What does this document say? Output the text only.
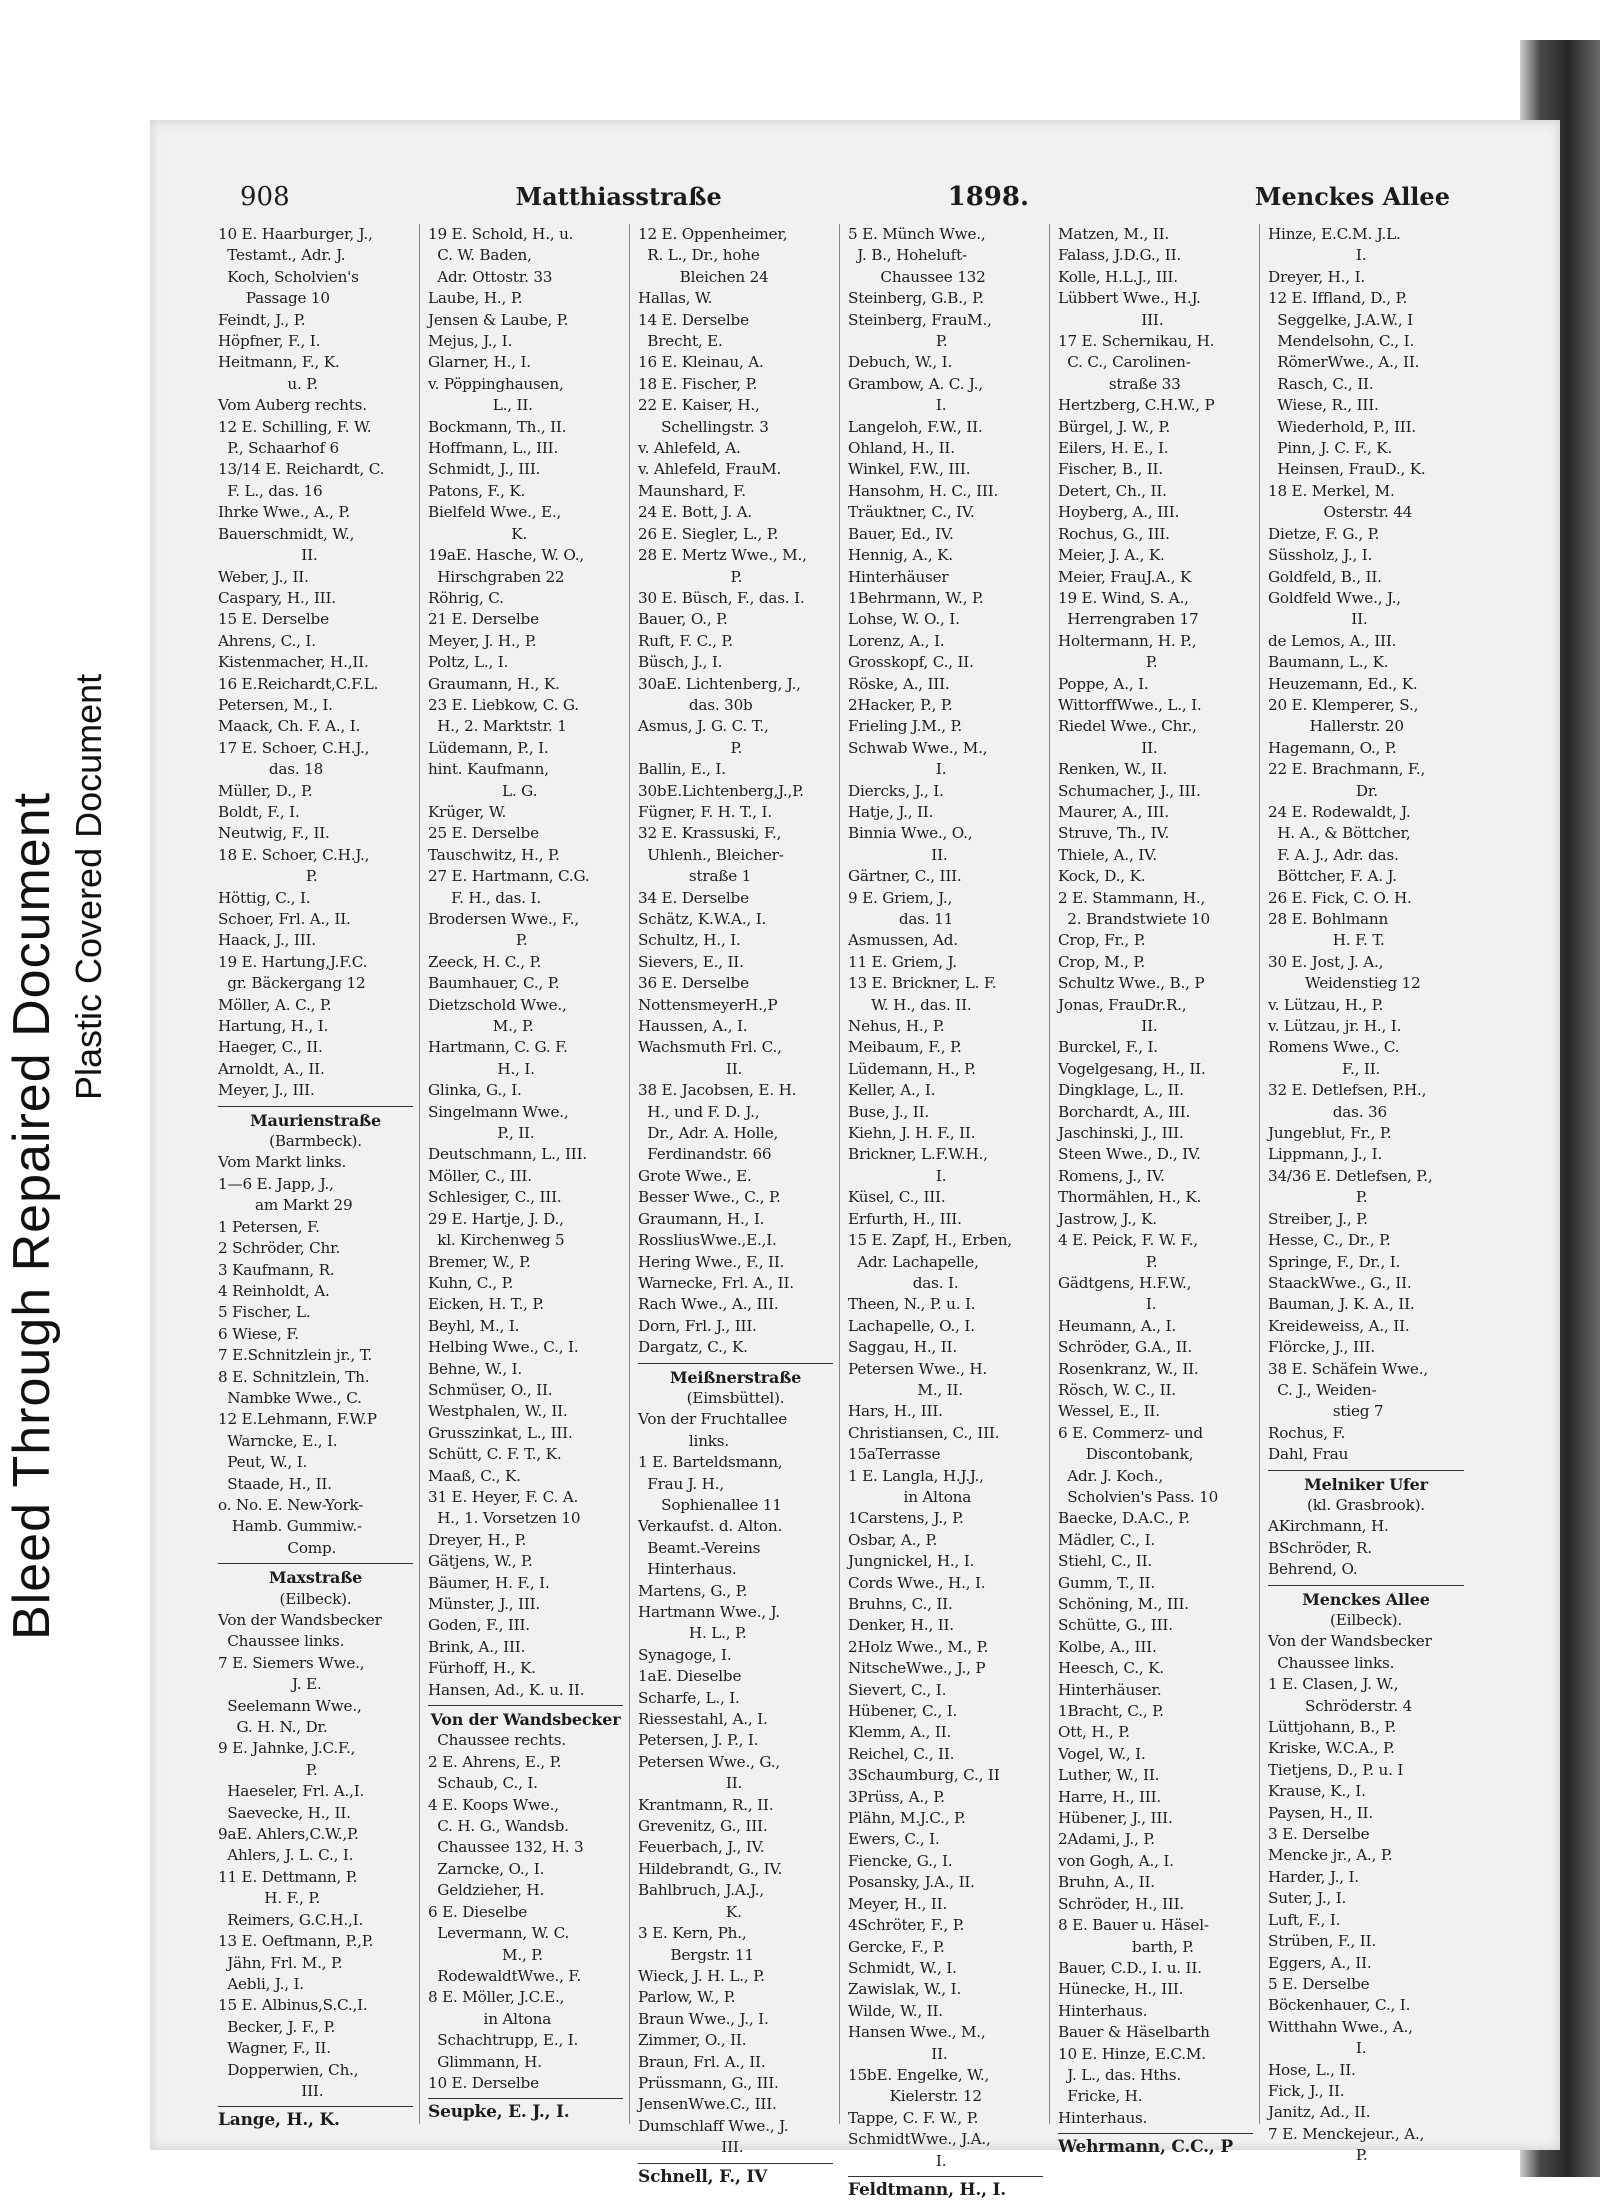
Bleed Through Repaired Document Plastic Covered Document
908	Matthiasstraße	1898.	Menckes Allee
10 E. Haarburger, J.,
Testamt., Adr. J.
Koch, Scholvien's
Passage 10
Feindt, J., P.
Höpfner, F., I.
Heitmann, F., K.
u. P.
Vom Auberg rechts.
12 E. Schilling, F. W.
P., Schaarhof 6
13/14 E. Reichardt, C.
F. L., das. 16
Ihrke Wwe., A., P.
Bauerschmidt, W.,
II.
Weber, J., II.
Caspary, H., III.
15 E. Derselbe
Ahrens, C., I.
Kistenmacher, H.,II.
16 E.Reichardt,C.F.L.
Petersen, M., I.
Maack, Ch. F. A., I.
17 E. Schoer, C.H.J.,
das. 18
Müller, D., P.
Boldt, F., I.
Neutwig, F., II.
18 E. Schoer, C.H.J.,
P.
Höttig, C., I.
Schoer, Frl. A., II.
Haack, J., III.
19 E. Hartung,J.F.C.
gr. Bäckergang 12
Möller, A. C., P.
Hartung, H., I.
Haeger, C., II.
Arnoldt, A., II.
Meyer, J., III.
Maurienstraße
(Barmbeck).
Vom Markt links.
1—6 E. Japp, J.,
am Markt 29
1 Petersen, F.
2 Schröder, Chr.
3 Kaufmann, R.
4 Reinholdt, A.
5 Fischer, L.
6 Wiese, F.
7 E.Schnitzlein jr., T.
8 E. Schnitzlein, Th.
Nambke Wwe., C.
12 E.Lehmann, F.W.P
Warncke, E., I.
Peut, W., I.
Staade, H., II.
o. No. E. New-York-
Hamb. Gummiw.-
Comp.
Maxstraße
(Eilbeck).
Von der Wandsbecker
Chaussee links.
7 E. Siemers Wwe.,
J. E.
Seelemann Wwe.,
G. H. N., Dr.
9 E. Jahnke, J.C.F.,
P.
Haeseler, Frl. A.,I.
Saevecke, H., II.
9aE. Ahlers,C.W.,P.
Ahlers, J. L. C., I.
11 E. Dettmann, P.
H. F., P.
Reimers, G.C.H.,I.
13 E. Oeftmann, P.,P.
Jähn, Frl. M., P.
Aebli, J., I.
15 E. Albinus,S.C.,I.
Becker, J. F., P.
Wagner, F., II.
Dopperwien, Ch.,
III.
Lange, H., K.
19 E. Schold, H., u.
C. W. Baden,
Adr. Ottostr. 33
Laube, H., P.
Jensen & Laube, P.
Mejus, J., I.
Glarner, H., I.
v. Pöppinghausen,
L., II.
Bockmann, Th., II.
Hoffmann, L., III.
Schmidt, J., III.
Patons, F., K.
Bielfeld Wwe., E.,
K.
19aE. Hasche, W. O.,
Hirschgraben 22
Röhrig, C.
21 E. Derselbe
Meyer, J. H., P.
Poltz, L., I.
Graumann, H., K.
23 E. Liebkow, C. G.
H., 2. Marktstr. 1
Lüdemann, P., I.
hint. Kaufmann,
L. G.
Krüger, W.
25 E. Derselbe
Tauschwitz, H., P.
27 E. Hartmann, C.G.
F. H., das. I.
Brodersen Wwe., F.,
P.
Zeeck, H. C., P.
Baumhauer, C., P.
Dietzschold Wwe.,
M., P.
Hartmann, C. G. F.
H., I.
Glinka, G., I.
Singelmann Wwe.,
P., II.
Deutschmann, L., III.
Möller, C., III.
Schlesiger, C., III.
29 E. Hartje, J. D.,
kl. Kirchenweg 5
Bremer, W., P.
Kuhn, C., P.
Eicken, H. T., P.
Beyhl, M., I.
Helbing Wwe., C., I.
Behne, W., I.
Schmüser, O., II.
Westphalen, W., II.
Grusszinkat, L., III.
Schütt, C. F. T., K.
Maaß, C., K.
31 E. Heyer, F. C. A.
H., 1. Vorsetzen 10
Dreyer, H., P.
Gätjens, W., P.
Bäumer, H. F., I.
Münster, J., III.
Goden, F., III.
Brink, A., III.
Fürhoff, H., K.
Hansen, Ad., K. u. II.
Von der Wandsbecker
Chaussee rechts.
2 E. Ahrens, E., P.
Schaub, C., I.
4 E. Koops Wwe.,
C. H. G., Wandsb.
Chaussee 132, H. 3
Zarncke, O., I.
Geldzieher, H.
6 E. Dieselbe
Levermann, W. C.
M., P.
RodewaldtWwe., F.
8 E. Möller, J.C.E.,
in Altona
Schachtrupp, E., I.
Glimmann, H.
10 E. Derselbe
Seupke, E. J., I.
12 E. Oppenheimer,
R. L., Dr., hohe
Bleichen 24
Hallas, W.
14 E. Derselbe
Brecht, E.
16 E. Kleinau, A.
18 E. Fischer, P.
22 E. Kaiser, H.,
Schellingstr. 3
v. Ahlefeld, A.
v. Ahlefeld, FrauM.
Maunshard, F.
24 E. Bott, J. A.
26 E. Siegler, L., P.
28 E. Mertz Wwe., M.,
P.
30 E. Büsch, F., das. I.
Bauer, O., P.
Ruft, F. C., P.
Büsch, J., I.
30aE. Lichtenberg, J.,
das. 30b
Asmus, J. G. C. T.,
P.
Ballin, E., I.
30bE.Lichtenberg,J.,P.
Fügner, F. H. T., I.
32 E. Krassuski, F.,
Uhlenh., Bleicher-
straße 1
34 E. Derselbe
Schätz, K.W.A., I.
Schultz, H., I.
Sievers, E., II.
36 E. Derselbe
NottensmeyerH.,P
Haussen, A., I.
Wachsmuth Frl. C.,
II.
38 E. Jacobsen, E. H.
H., und F. D. J.,
Dr., Adr. A. Holle,
Ferdinandstr. 66
Grote Wwe., E.
Besser Wwe., C., P.
Graumann, H., I.
RossliusWwe.,E.,I.
Hering Wwe., F., II.
Warnecke, Frl. A., II.
Rach Wwe., A., III.
Dorn, Frl. J., III.
Dargatz, C., K.
Meißnerstraße
(Eimsbüttel).
Von der Fruchtallee
links.
1 E. Barteldsmann,
Frau J. H.,
Sophienallee 11
Verkaufst. d. Alton.
Beamt.-Vereins
Hinterhaus.
Martens, G., P.
Hartmann Wwe., J.
H. L., P.
Synagoge, I.
1aE. Dieselbe
Scharfe, L., I.
Riessestahl, A., I.
Petersen, J. P., I.
Petersen Wwe., G.,
II.
Krantmann, R., II.
Grevenitz, G., III.
Feuerbach, J., IV.
Hildebrandt, G., IV.
Bahlbruch, J.A.J.,
K.
3 E. Kern, Ph.,
Bergstr. 11
Wieck, J. H. L., P.
Parlow, W., P.
Braun Wwe., J., I.
Zimmer, O., II.
Braun, Frl. A., II.
Prüssmann, G., III.
JensenWwe.C., III.
Dumschlaff Wwe., J.
III.
Schnell, F., IV
5 E. Münch Wwe.,
J. B., Hoheluft-
Chaussee 132
Steinberg, G.B., P.
Steinberg, FrauM.,
P.
Debuch, W., I.
Grambow, A. C. J.,
I.
Langeloh, F.W., II.
Ohland, H., II.
Winkel, F.W., III.
Hansohm, H. C., III.
Träuktner, C., IV.
Bauer, Ed., IV.
Hennig, A., K.
Hinterhäuser
1Behrmann, W., P.
Lohse, W. O., I.
Lorenz, A., I.
Grosskopf, C., II.
Röske, A., III.
2Hacker, P., P.
Frieling J.M., P.
Schwab Wwe., M.,
I.
Diercks, J., I.
Hatje, J., II.
Binnia Wwe., O.,
II.
Gärtner, C., III.
9 E. Griem, J.,
das. 11
Asmussen, Ad.
11 E. Griem, J.
13 E. Brickner, L. F.
W. H., das. II.
Nehus, H., P.
Meibaum, F., P.
Lüdemann, H., P.
Keller, A., I.
Buse, J., II.
Kiehn, J. H. F., II.
Brickner, L.F.W.H.,
I.
Küsel, C., III.
Erfurth, H., III.
15 E. Zapf, H., Erben,
Adr. Lachapelle,
das. I.
Theen, N., P. u. I.
Lachapelle, O., I.
Saggau, H., II.
Petersen Wwe., H.
M., II.
Hars, H., III.
Christiansen, C., III.
15aTerrasse
1 E. Langla, H.J.J.,
in Altona
1Carstens, J., P.
Osbar, A., P.
Jungnickel, H., I.
Cords Wwe., H., I.
Bruhns, C., II.
Denker, H., II.
2Holz Wwe., M., P.
NitscheWwe., J., P
Sievert, C., I.
Hübener, C., I.
Klemm, A., II.
Reichel, C., II.
3Schaumburg, C., II
3Prüss, A., P.
Plähn, M.J.C., P.
Ewers, C., I.
Fiencke, G., I.
Posansky, J.A., II.
Meyer, H., II.
4Schröter, F., P.
Gercke, F., P.
Schmidt, W., I.
Zawislak, W., I.
Wilde, W., II.
Hansen Wwe., M.,
II.
15bE. Engelke, W.,
Kielerstr. 12
Tappe, C. F. W., P.
SchmidtWwe., J.A.,
I.
Feldtmann, H., I.
Matzen, M., II.
Falass, J.D.G., II.
Kolle, H.L.J., III.
Lübbert Wwe., H.J.
III.
17 E. Schernikau, H.
C. C., Carolinen-
straße 33
Hertzberg, C.H.W., P
Bürgel, J. W., P.
Eilers, H. E., I.
Fischer, B., II.
Detert, Ch., II.
Hoyberg, A., III.
Rochus, G., III.
Meier, J. A., K.
Meier, FrauJ.A., K
19 E. Wind, S. A.,
Herrengraben 17
Holtermann, H. P.,
P.
Poppe, A., I.
WittorffWwe., L., I.
Riedel Wwe., Chr.,
II.
Renken, W., II.
Schumacher, J., III.
Maurer, A., III.
Struve, Th., IV.
Thiele, A., IV.
Kock, D., K.
2 E. Stammann, H.,
2. Brandstwiete 10
Crop, Fr., P.
Crop, M., P.
Schultz Wwe., B., P
Jonas, FrauDr.R.,
II.
Burckel, F., I.
Vogelgesang, H., II.
Dingklage, L., II.
Borchardt, A., III.
Jaschinski, J., III.
Steen Wwe., D., IV.
Romens, J., IV.
Thormählen, H., K.
Jastrow, J., K.
4 E. Peick, F. W. F.,
P.
Gädtgens, H.F.W.,
I.
Heumann, A., I.
Schröder, G.A., II.
Rosenkranz, W., II.
Rösch, W. C., II.
Wessel, E., II.
6 E. Commerz- und
Discontobank,
Adr. J. Koch.,
Scholvien's Pass. 10
Baecke, D.A.C., P.
Mädler, C., I.
Stiehl, C., II.
Gumm, T., II.
Schöning, M., III.
Schütte, G., III.
Kolbe, A., III.
Heesch, C., K.
Hinterhäuser.
1Bracht, C., P.
Ott, H., P.
Vogel, W., I.
Luther, W., II.
Harre, H., III.
Hübener, J., III.
2Adami, J., P.
von Gogh, A., I.
Bruhn, A., II.
Schröder, H., III.
8 E. Bauer u. Häsel-
barth, P.
Bauer, C.D., I. u. II.
Hünecke, H., III.
Hinterhaus.
Bauer & Häselbarth
10 E. Hinze, E.C.M.
J. L., das. Hths.
Fricke, H.
Hinterhaus.
Wehrmann, C.C., P
Hinze, E.C.M. J.L.
I.
Dreyer, H., I.
12 E. Iffland, D., P.
Seggelke, J.A.W., I
Mendelsohn, C., I.
RömerWwe., A., II.
Rasch, C., II.
Wiese, R., III.
Wiederhold, P., III.
Pinn, J. C. F., K.
Heinsen, FrauD., K.
18 E. Merkel, M.
Osterstr. 44
Dietze, F. G., P.
Süssholz, J., I.
Goldfeld, B., II.
Goldfeld Wwe., J.,
II.
de Lemos, A., III.
Baumann, L., K.
Heuzemann, Ed., K.
20 E. Klemperer, S.,
Hallerstr. 20
Hagemann, O., P.
22 E. Brachmann, F.,
Dr.
24 E. Rodewaldt, J.
H. A., & Böttcher,
F. A. J., Adr. das.
Böttcher, F. A. J.
26 E. Fick, C. O. H.
28 E. Bohlmann
H. F. T.
30 E. Jost, J. A.,
Weidenstieg 12
v. Lützau, H., P.
v. Lützau, jr. H., I.
Romens Wwe., C.
F., II.
32 E. Detlefsen, P.H.,
das. 36
Jungeblut, Fr., P.
Lippmann, J., I.
34/36 E. Detlefsen, P.,
P.
Streiber, J., P.
Hesse, C., Dr., P.
Springe, F., Dr., I.
StaackWwe., G., II.
Bauman, J. K. A., II.
Kreideweiss, A., II.
Flörcke, J., III.
38 E. Schäfein Wwe.,
C. J., Weiden-
stieg 7
Rochus, F.
Dahl, Frau
Melniker Ufer
(kl. Grasbrook).
AKirchmann, H.
BSchröder, R.
Behrend, O.
Menckes Allee
(Eilbeck).
Von der Wandsbecker
Chaussee links.
1 E. Clasen, J. W.,
Schröderstr. 4
Lüttjohann, B., P.
Kriske, W.C.A., P.
Tietjens, D., P. u. I
Krause, K., I.
Paysen, H., II.
3 E. Derselbe
Mencke jr., A., P.
Harder, J., I.
Suter, J., I.
Luft, F., I.
Strüben, F., II.
Eggers, A., II.
5 E. Derselbe
Böckenhauer, C., I.
Witthahn Wwe., A.,
I.
Hose, L., II.
Fick, J., II.
Janitz, Ad., II.
7 E. Menckejeur., A.,
P.
